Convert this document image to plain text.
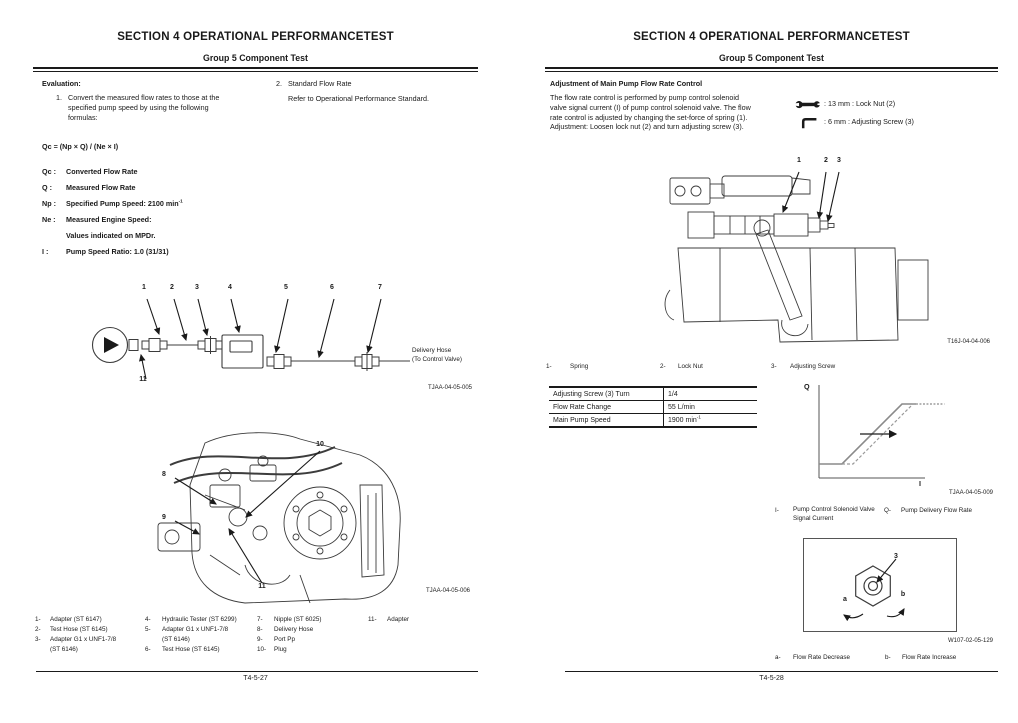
SECTION 4 OPERATIONAL PERFORMANCETEST
Group 5 Component Test
Evaluation:
1. Convert the measured flow rates to those at the specified pump speed by using the following formulas:
2. Standard Flow Rate
Refer to Operational Performance Standard.
Qc = (Np × Q) / (Ne × I)
Qc : Converted Flow Rate
Q : Measured Flow Rate
Np : Specified Pump Speed: 2100 $\min^{-1}$
Ne : Measured Engine Speed:
Values indicated on MPDr.
I : Pump Speed Ratio: 1.0 (31/31)
1	2	3	4	5	6	7
11
Delivery Hose
(To Control Valve)
TJAA-04-05-005
8
9
10
11
TJAA-04-05-006
1- Adapter (ST 6147)
2- Test Hose (ST 6145)
3- Adapter G1 x UNF1-7/8
(ST 6146)
4- Hydraulic Tester (ST 6299)
5- Adapter G1 x UNF1-7/8
(ST 6146)
6- Test Hose (ST 6145)
7- Nipple (ST 6025)
8- Delivery Hose
9- Port Pp
10- Plug
11- Adapter
T4-5-27
SECTION 4 OPERATIONAL PERFORMANCETEST
Group 5 Component Test
Adjustment of Main Pump Flow Rate Control
The flow rate control is performed by pump control solenoid valve signal current (I) of pump control solenoid valve. The flow rate control is adjusted by changing the set-force of spring (1).
Adjustment: Loosen lock nut (2) and turn adjusting screw (3).
: 13 mm : Lock Nut (2)
: 6 mm : Adjusting Screw (3)
1	2	3
T16J-04-04-006
1-	Spring	2- Lock Nut	3- Adjusting Screw
Adjusting Screw (3) Turn	1/4
Flow Rate Change	55 L/min
Main Pump Speed	1900 $\min^{-1}$
Q
I
TJAA-04-05-009
I- Pump Control Solenoid Valve
Signal Current
Q- Pump Delivery Flow Rate
3
a
b
W107-02-05-129
a- Flow Rate Decrease	b- Flow Rate Increase
T4-5-28
